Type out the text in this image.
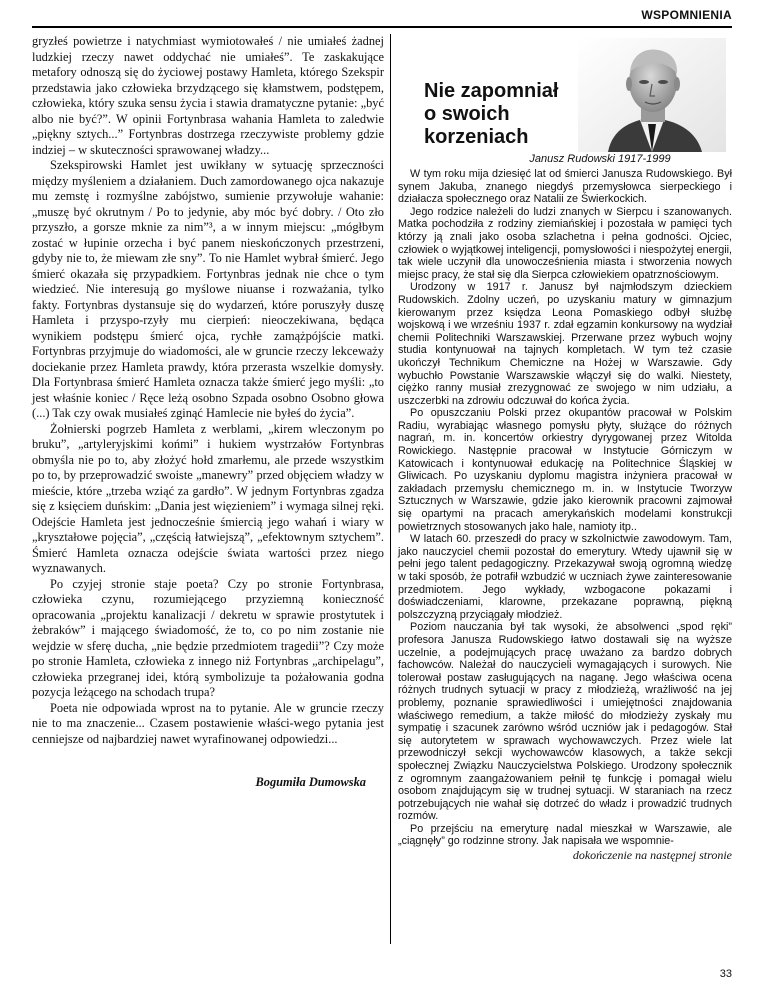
WSPOMNIENIA

gryzłeś powietrze i natychmiast wymiotowałeś / nie umiałeś żadnej ludzkiej rzeczy nawet oddychać nie umiałeś”. Te zaskakujące metafory odnoszą się do życiowej postawy Hamleta, którego Szekspir przedstawia jako człowieka brzydzącego się kłamstwem, podstępem, człowieka, który szuka sensu życia i stawia dramatyczne pytanie: „być albo nie być?”. W opinii Fortynbrasa wahania Hamleta to zaledwie „piękny sztych...” Fortynbras dostrzega rzeczywiste problemy gdzie indziej – w skuteczności sprawowanej władzy...

Szekspirowski Hamlet jest uwikłany w sytuację sprzeczności między myśleniem a działaniem. Duch zamordowanego ojca nakazuje mu zemstę i rozmyślne zabójstwo, sumienie przywołuje wahanie: „muszę być okrutnym / Po to jedynie, aby móc być dobry. / Oto zło przyszło, a gorsze mknie za nim”³, a w innym miejscu: „mógłbym zostać w łupinie orzecha i być panem nieskończonych przestrzeni, gdyby nie to, że miewam złe sny”. To nie Hamlet wybrał śmierć. Jego śmierć okazała się przypadkiem. Fortynbras jednak nie chce o tym wiedzieć. Nie interesują go myślowe niuanse i rozważania, tylko fakty. Fortynbras dystansuje się do wydarzeń, które poruszyły duszę Hamleta i przyspo-rzyły mu cierpień: nieoczekiwana, będąca wynikiem podstępu śmierć ojca, rychłe zamążpójście matki. Fortynbras przyjmuje do wiadomości, ale w gruncie rzeczy lekceważy dociekanie przez Hamleta prawdy, która przerasta wszelkie domysły. Dla Fortynbrasa śmierć Hamleta oznacza także śmierć jego myśli: „to jest właśnie koniec / Ręce leżą osobno Szpada osobno Osobno głowa (...) Tak czy owak musiałeś zginąć Hamlecie nie byłeś do życia”.

Żołnierski pogrzeb Hamleta z werblami, „kirem wleczonym po bruku”, „artyleryjskimi końmi” i hukiem wystrzałów Fortynbras obmyśla nie po to, aby złożyć hołd zmarłemu, ale przede wszystkim po to, by przeprowadzić swoiste „manewry” przed objęciem władzy w mieście, które „trzeba wziąć za gardło”. W jednym Fortynbras zgadza się z księciem duńskim: „Dania jest więzieniem” i wymaga silnej ręki. Odejście Hamleta jest jednocześnie śmiercią jego wahań i wiary w „kryształowe pojęcia”, „częścią łatwiejszą”, „efektownym sztychem”. Śmierć Hamleta oznacza odejście świata wartości przez niego wyznawanych.

Po czyjej stronie staje poeta? Czy po stronie Fortynbrasa, człowieka czynu, rozumiejącego przyziemną konieczność opracowania „projektu kanalizacji / dekretu w sprawie prostytutek i żebraków” i mającego świadomość, że to, co po nim zostanie nie wejdzie w sferę ducha, „nie będzie przedmiotem tragedii”? Czy może po stronie Hamleta, człowieka z innego niż Fortynbras „archipelagu”, człowieka przegranej idei, którą symbolizuje ta pożałowania godna pozycja leżącego na schodach trupa?

Poeta nie odpowiada wprost na to pytanie. Ale w gruncie rzeczy nie to ma znaczenie... Czasem postawienie właści-wego pytania jest cenniejsze od najbardziej nawet wyrafinowanej odpowiedzi...

Bogumiła Dumowska
Nie zapomniał o swoich korzeniach

Janusz Rudowski 1917-1999

W tym roku mija dziesięć lat od śmierci Janusza Rudowskiego. Był synem Jakuba, znanego niegdyś przemysłowca sierpeckiego i działacza społecznego oraz Natalii ze Świerkockich.

Jego rodzice należeli do ludzi znanych w Sierpcu i szanowanych. Matka pochodziła z rodziny ziemiańskiej i pozostała w pamięci tych którzy ją znali jako osoba szlachetna i pełna godności. Ojciec, człowiek o wyjątkowej inteligencji, pomysłowości i niespożytej energii, tak wiele uczynił dla unowocześnienia miasta i stworzenia nowych miejsc pracy, że stał się dla Sierpca człowiekiem opatrznościowym.

Urodzony w 1917 r. Janusz był najmłodszym dzieckiem Rudowskich. Zdolny uczeń, po uzyskaniu matury w gimnazjum kierowanym przez księdza Leona Pomaskiego odbył służbę wojskową i we wrześniu 1937 r. zdał egzamin konkursowy na wydział chemii Politechniki Warszawskiej. Przerwane przez wybuch wojny studia kontynuował na tajnych kompletach. W tym też czasie ukończył Technikum Chemiczne na Hożej w Warszawie. Gdy wybuchło Powstanie Warszawskie włączył się do walki. Niestety, ciężko ranny musiał zrezygnować ze swojego w nim udziału, a uszczerbki na zdrowiu odczuwał do końca życia.

Po opuszczaniu Polski przez okupantów pracował w Polskim Radiu, wyrabiając własnego pomysłu płyty, służące do różnych nagrań, m. in. koncertów orkiestry dyrygowanej przez Witolda Rowickiego. Następnie pracował w Instytucie Górniczym w Katowicach i kontynuował edukację na Politechnice Śląskiej w Gliwicach. Po uzyskaniu dyplomu magistra inżyniera pracował w zakładach przemysłu chemicznego m. in. w Instytucie Tworzyw Sztucznych w Warszawie, gdzie jako kierownik pracowni zajmował się opartymi na pracach amerykańskich modelami konstrukcji powietrznych stosowanych jako hale, namioty itp..

W latach 60. przeszedł do pracy w szkolnictwie zawodowym. Tam, jako nauczyciel chemii pozostał do emerytury. Wtedy ujawnił się w pełni jego talent pedagogiczny. Przekazywał swoją ogromną wiedzę w taki sposób, że potrafił wzbudzić w uczniach żywe zainteresowanie przedmiotem. Jego wykłady, wzbogacone pokazami i doświadczeniami, klarowne, przekazane poprawną, piękną polszczyzną przyciągały młodzież.

Poziom nauczania był tak wysoki, że absolwenci „spod ręki” profesora Janusza Rudowskiego łatwo dostawali się na wyższe uczelnie, a podejmujących pracę uważano za bardzo dobrych fachowców. Należał do nauczycieli wymagających i surowych. Nie tolerował postaw zasługujących na naganę. Jego właściwa ocena różnych trudnych sytuacji w pracy z młodzieżą, wrażliwość na jej problemy, poznanie sprawiedliwości i umiejętności znajdowania właściwego remedium, a także miłość do młodzieży zyskały mu sympatię i szacunek zarówno wśród uczniów jak i pedagogów. Stał się autorytetem w sprawach wychowawczych. Przez wiele lat przewodniczył sekcji wychowawców klasowych, a także sekcji społecznej Związku Nauczycielstwa Polskiego. Urodzony społecznik z ogromnym zaangażowaniem pełnił tę funkcję i pomagał wielu osobom znajdującym się w trudnej sytuacji. W staraniach na rzecz potrzebujących nie wahał się dotrzeć do władz i prowadzić trudnych rozmów.

Po przejściu na emeryturę nadal mieszkał w Warszawie, ale „ciągnęły” go rodzinne strony. Jak napisała we wspomnie-

dokończenie na następnej stronie
33
